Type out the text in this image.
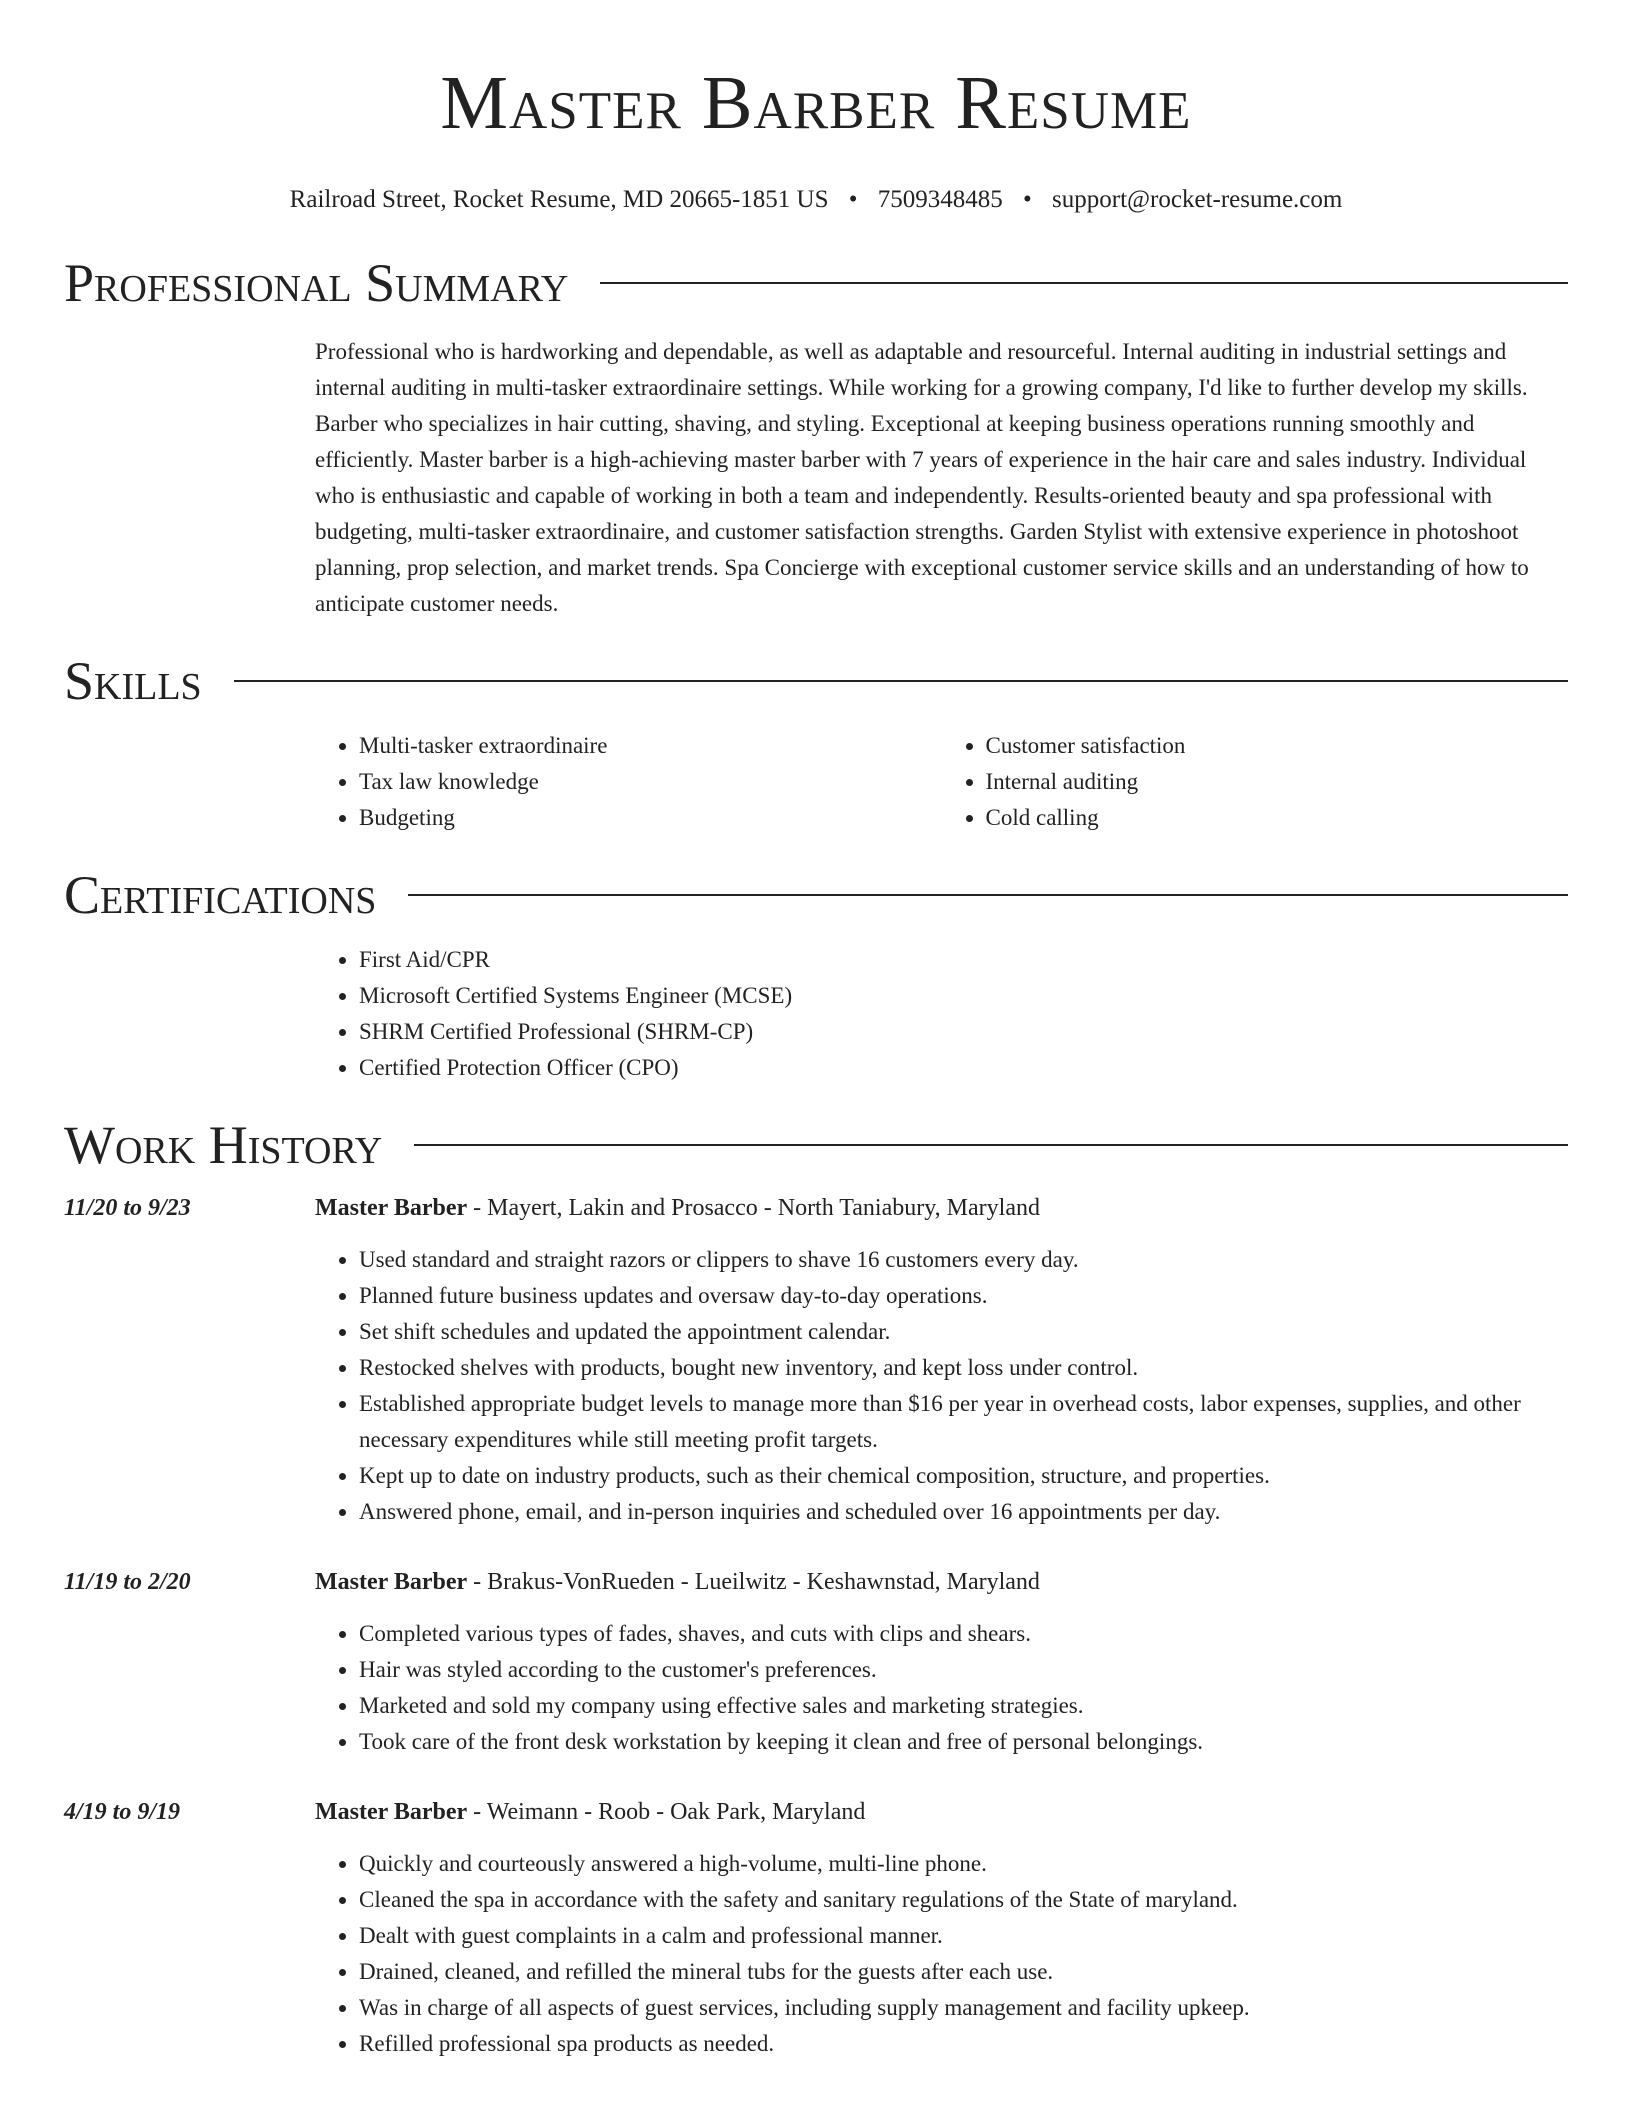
Master Barber Resume
Railroad Street, Rocket Resume, MD 20665-1851 US • 7509348485 • support@rocket-resume.com
Professional Summary
Professional who is hardworking and dependable, as well as adaptable and resourceful. Internal auditing in industrial settings and internal auditing in multi-tasker extraordinaire settings. While working for a growing company, I'd like to further develop my skills. Barber who specializes in hair cutting, shaving, and styling. Exceptional at keeping business operations running smoothly and efficiently. Master barber is a high-achieving master barber with 7 years of experience in the hair care and sales industry. Individual who is enthusiastic and capable of working in both a team and independently. Results-oriented beauty and spa professional with budgeting, multi-tasker extraordinaire, and customer satisfaction strengths. Garden Stylist with extensive experience in photoshoot planning, prop selection, and market trends. Spa Concierge with exceptional customer service skills and an understanding of how to anticipate customer needs.
Skills
• Multi-tasker extraordinaire
• Tax law knowledge
• Budgeting
• Customer satisfaction
• Internal auditing
• Cold calling
Certifications
• First Aid/CPR
• Microsoft Certified Systems Engineer (MCSE)
• SHRM Certified Professional (SHRM-CP)
• Certified Protection Officer (CPO)
Work History
11/20 to 9/23	Master Barber - Mayert, Lakin and Prosacco - North Taniabury, Maryland
• Used standard and straight razors or clippers to shave 16 customers every day.
• Planned future business updates and oversaw day-to-day operations.
• Set shift schedules and updated the appointment calendar.
• Restocked shelves with products, bought new inventory, and kept loss under control.
• Established appropriate budget levels to manage more than $16 per year in overhead costs, labor expenses, supplies, and other necessary expenditures while still meeting profit targets.
• Kept up to date on industry products, such as their chemical composition, structure, and properties.
• Answered phone, email, and in-person inquiries and scheduled over 16 appointments per day.
11/19 to 2/20	Master Barber - Brakus-VonRueden - Lueilwitz - Keshawnstad, Maryland
• Completed various types of fades, shaves, and cuts with clips and shears.
• Hair was styled according to the customer's preferences.
• Marketed and sold my company using effective sales and marketing strategies.
• Took care of the front desk workstation by keeping it clean and free of personal belongings.
4/19 to 9/19	Master Barber - Weimann - Roob - Oak Park, Maryland
• Quickly and courteously answered a high-volume, multi-line phone.
• Cleaned the spa in accordance with the safety and sanitary regulations of the State of maryland.
• Dealt with guest complaints in a calm and professional manner.
• Drained, cleaned, and refilled the mineral tubs for the guests after each use.
• Was in charge of all aspects of guest services, including supply management and facility upkeep.
• Refilled professional spa products as needed.
